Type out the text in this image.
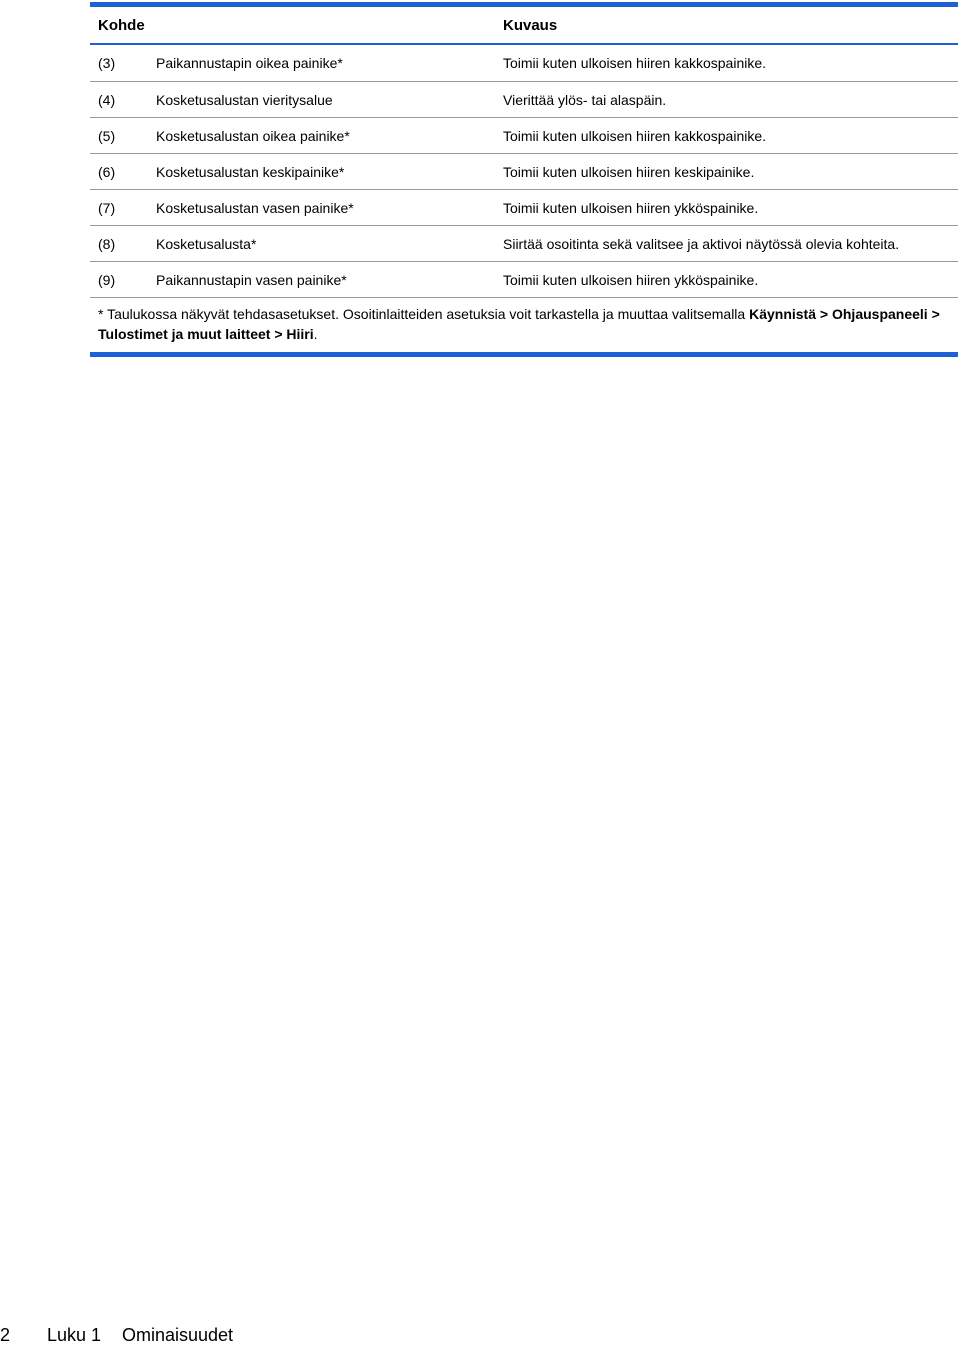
Kohde	Kuvaus
(3)	Paikannustapin oikea painike*	Toimii kuten ulkoisen hiiren kakkospainike.
(4)	Kosketusalustan vieritysalue	Vierittää ylös- tai alaspäin.
(5)	Kosketusalustan oikea painike*	Toimii kuten ulkoisen hiiren kakkospainike.
(6)	Kosketusalustan keskipainike*	Toimii kuten ulkoisen hiiren keskipainike.
(7)	Kosketusalustan vasen painike*	Toimii kuten ulkoisen hiiren ykköspainike.
(8)	Kosketusalusta*	Siirtää osoitinta sekä valitsee ja aktivoi näytössä olevia kohteita.
(9)	Paikannustapin vasen painike*	Toimii kuten ulkoisen hiiren ykköspainike.
* Taulukossa näkyvät tehdasasetukset. Osoitinlaitteiden asetuksia voit tarkastella ja muuttaa valitsemalla Käynnistä > Ohjauspaneeli > Tulostimet ja muut laitteet > Hiiri.
2	Luku 1	Ominaisuudet
